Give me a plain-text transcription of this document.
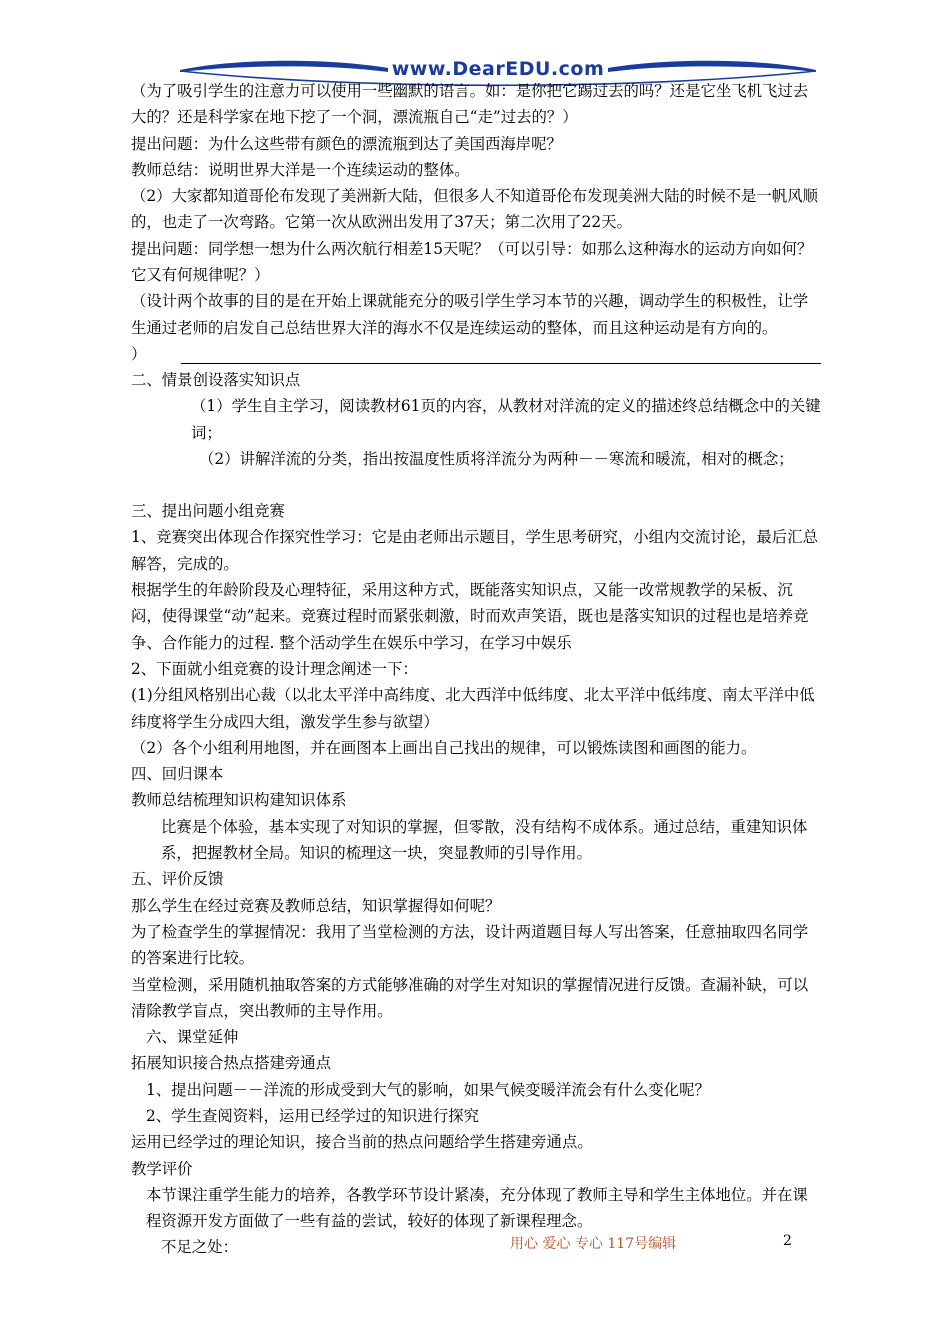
www.DearEDU.com

（为了吸引学生的注意力可以使用一些幽默的语言。如：是你把它踢过去的吗？还是它坐飞机飞过去大的？还是科学家在地下挖了一个洞，漂流瓶自己“走”过去的？）

提出问题：为什么这些带有颜色的漂流瓶到达了美国西海岸呢？

教师总结：说明世界大洋是一个连续运动的整体。

（2）大家都知道哥伦布发现了美洲新大陆，但很多人不知道哥伦布发现美洲大陆的时候不是一帆风顺的，也走了一次弯路。它第一次从欧洲出发用了37天；第二次用了22天。

提出问题：同学想一想为什么两次航行相差15天呢？（可以引导：如那么这种海水的运动方向如何？它又有何规律呢？）

（设计两个故事的目的是在开始上课就能充分的吸引学生学习本节的兴趣，调动学生的积极性，让学生通过老师的启发自己总结世界大洋的海水不仅是连续运动的整体，而且这种运动是有方向的。

）

二、情景创设落实知识点

（1）学生自主学习，阅读教材61页的内容，从教材对洋流的定义的描述终总结概念中的关键词；

（2）讲解洋流的分类，指出按温度性质将洋流分为两种－－寒流和暖流，相对的概念；

三、提出问题小组竞赛

1、竞赛突出体现合作探究性学习：它是由老师出示题目，学生思考研究，小组内交流讨论，最后汇总解答，完成的。

根据学生的年龄阶段及心理特征，采用这种方式，既能落实知识点，又能一改常规教学的呆板、沉闷，使得课堂“动”起来。竞赛过程时而紧张刺激，时而欢声笑语，既也是落实知识的过程也是培养竞争、合作能力的过程. 整个活动学生在娱乐中学习，在学习中娱乐

2、下面就小组竞赛的设计理念阐述一下：

(1)分组风格别出心裁（以北太平洋中高纬度、北大西洋中低纬度、北太平洋中低纬度、南太平洋中低纬度将学生分成四大组，激发学生参与欲望）

（2）各个小组利用地图，并在画图本上画出自己找出的规律，可以锻炼读图和画图的能力。

四、回归课本

教师总结梳理知识构建知识体系

比赛是个体验，基本实现了对知识的掌握，但零散，没有结构不成体系。通过总结，重建知识体系，把握教材全局。知识的梳理这一块，突显教师的引导作用。

五、评价反馈

那么学生在经过竞赛及教师总结，知识掌握得如何呢？

为了检查学生的掌握情况：我用了当堂检测的方法，设计两道题目每人写出答案，任意抽取四名同学的答案进行比较。

当堂检测，采用随机抽取答案的方式能够准确的对学生对知识的掌握情况进行反馈。查漏补缺，可以清除教学盲点，突出教师的主导作用。

六、课堂延伸

拓展知识接合热点搭建旁通点

1、提出问题－－洋流的形成受到大气的影响，如果气候变暖洋流会有什么变化呢？

2、学生查阅资料，运用已经学过的知识进行探究

运用已经学过的理论知识，接合当前的热点问题给学生搭建旁通点。

教学评价

本节课注重学生能力的培养，各教学环节设计紧凑，充分体现了教师主导和学生主体地位。并在课程资源开发方面做了一些有益的尝试，较好的体现了新课程理念。

不足之处：	用心 爱心 专心 117号编辑	2
